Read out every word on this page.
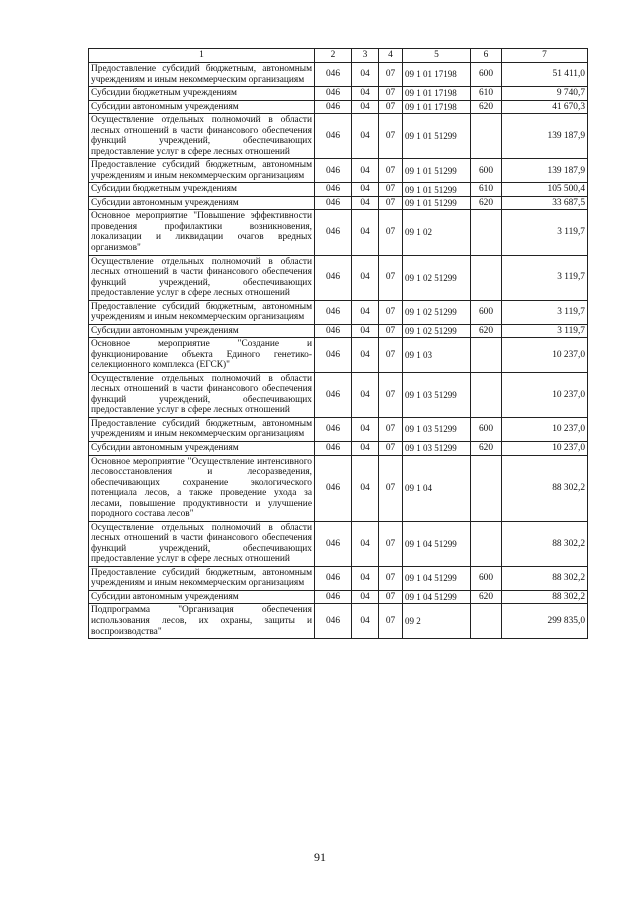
1	2	3	4	5	6	7
Предоставление субсидий бюджетным, автономным учреждениям и иным некоммерческим организациям	046	04	07	09 1 01 17198	600	51 411,0
Субсидии бюджетным учреждениям	046	04	07	09 1 01 17198	610	9 740,7
Субсидии автономным учреждениям	046	04	07	09 1 01 17198	620	41 670,3
Осуществление отдельных полномочий в области лесных отношений в части финансового обеспечения функций учреждений, обеспечивающих предоставление услуг в сфере лесных отношений	046	04	07	09 1 01 51299		139 187,9
Предоставление субсидий бюджетным, автономным учреждениям и иным некоммерческим организациям	046	04	07	09 1 01 51299	600	139 187,9
Субсидии бюджетным учреждениям	046	04	07	09 1 01 51299	610	105 500,4
Субсидии автономным учреждениям	046	04	07	09 1 01 51299	620	33 687,5
Основное мероприятие "Повышение эффективности проведения профилактики возникновения, локализации и ликвидации очагов вредных организмов"	046	04	07	09 1 02		3 119,7
Осуществление отдельных полномочий в области лесных отношений в части финансового обеспечения функций учреждений, обеспечивающих предоставление услуг в сфере лесных отношений	046	04	07	09 1 02 51299		3 119,7
Предоставление субсидий бюджетным, автономным учреждениям и иным некоммерческим организациям	046	04	07	09 1 02 51299	600	3 119,7
Субсидии автономным учреждениям	046	04	07	09 1 02 51299	620	3 119,7
Основное мероприятие "Создание и функционирование объекта Единого генетико-селекционного комплекса (ЕГСК)"	046	04	07	09 1 03		10 237,0
Осуществление отдельных полномочий в области лесных отношений в части финансового обеспечения функций учреждений, обеспечивающих предоставление услуг в сфере лесных отношений	046	04	07	09 1 03 51299		10 237,0
Предоставление субсидий бюджетным, автономным учреждениям и иным некоммерческим организациям	046	04	07	09 1 03 51299	600	10 237,0
Субсидии автономным учреждениям	046	04	07	09 1 03 51299	620	10 237,0
Основное мероприятие "Осуществление интенсивного лесовосстановления и лесоразведения, обеспечивающих сохранение экологического потенциала лесов, а также проведение ухода за лесами, повышение продуктивности и улучшение породного состава лесов"	046	04	07	09 1 04		88 302,2
Осуществление отдельных полномочий в области лесных отношений в части финансового обеспечения функций учреждений, обеспечивающих предоставление услуг в сфере лесных отношений	046	04	07	09 1 04 51299		88 302,2
Предоставление субсидий бюджетным, автономным учреждениям и иным некоммерческим организациям	046	04	07	09 1 04 51299	600	88 302,2
Субсидии автономным учреждениям	046	04	07	09 1 04 51299	620	88 302,2
Подпрограмма "Организация обеспечения использования лесов, их охраны, защиты и воспроизводства"	046	04	07	09 2		299 835,0
91
